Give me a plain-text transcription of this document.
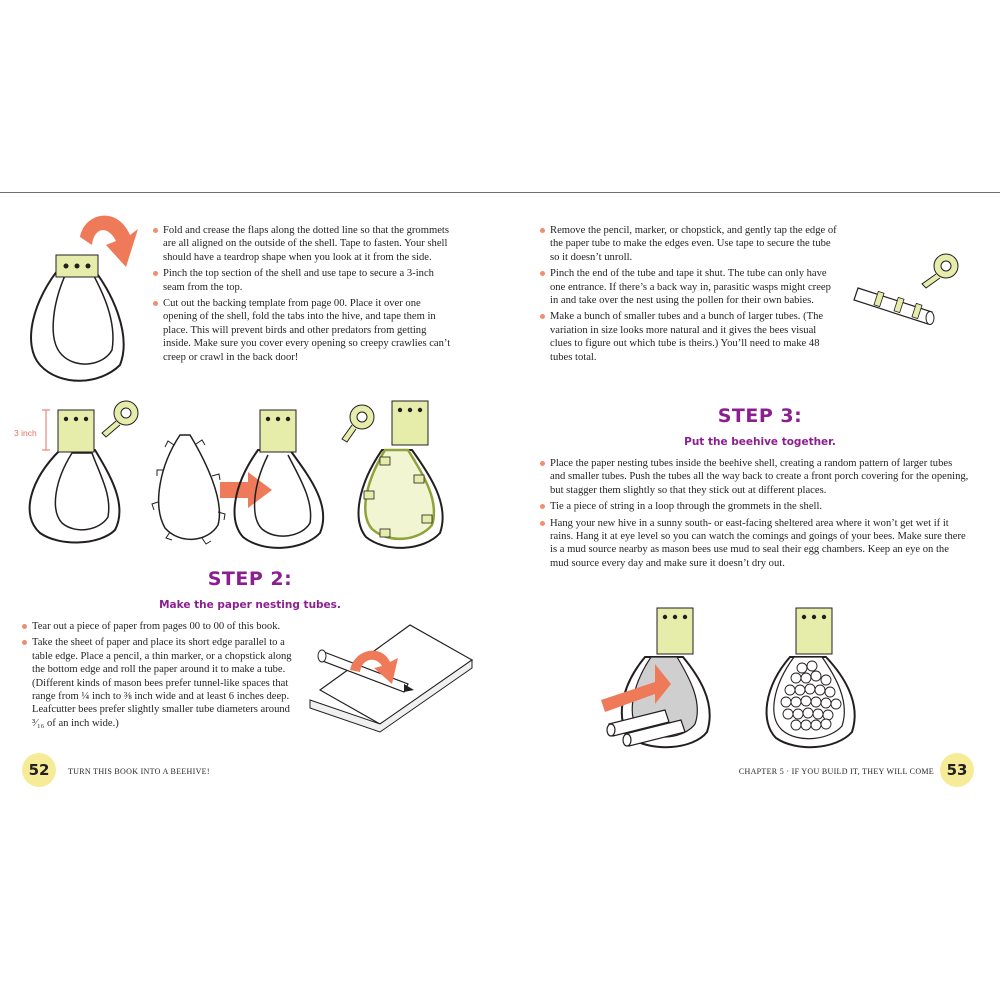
Fold and crease the flaps along the dotted line so that the grommets are all aligned on the outside of the shell. Tape to fasten. Your shell should have a teardrop shape when you look at it from the side.

Pinch the top section of the shell and use tape to secure a 3-inch seam from the top.

Cut out the backing template from page 00. Place it over one opening of the shell, fold the tabs into the hive, and tape them in place. This will prevent birds and other predators from getting inside. Make sure you cover every opening so creepy crawlies can’t creep or crawl in the back door!

3 inch
STEP 2:
Make the paper nesting tubes.

Tear out a piece of paper from pages 00 to 00 of this book.

Take the sheet of paper and place its short edge parallel to a table edge. Place a pencil, a thin marker, or a chopstick along the bottom edge and roll the paper around it to make a tube. (Different kinds of mason bees prefer tunnel-like spaces that range from ¼ inch to ⅜ inch wide and at least 6 inches deep. Leafcutter bees prefer slightly smaller tube diameters around ³⁄₁₆ of an inch wide.)

52	TURN THIS BOOK INTO A BEEHIVE!

Remove the pencil, marker, or chopstick, and gently tap the edge of the paper tube to make the edges even. Use tape to secure the tube so it doesn’t unroll.

Pinch the end of the tube and tape it shut. The tube can only have one entrance. If there’s a back way in, parasitic wasps might creep in and take over the nest using the pollen for their own babies.

Make a bunch of smaller tubes and a bunch of larger tubes. (The variation in size looks more natural and it gives the bees visual clues to figure out which tube is theirs.) You’ll need to make 48 tubes total.

STEP 3:
Put the beehive together.

Place the paper nesting tubes inside the beehive shell, creating a random pattern of larger tubes and smaller tubes. Push the tubes all the way back to create a front porch covering for the opening, but stagger them slightly so that they stick out at different places.

Tie a piece of string in a loop through the grommets in the shell.

Hang your new hive in a sunny south- or east-facing sheltered area where it won’t get wet if it rains. Hang it at eye level so you can watch the comings and goings of your bees. Make sure there is a mud source nearby as mason bees use mud to seal their egg chambers. Keep an eye on the mud source every day and make sure it doesn’t dry out.

CHAPTER 5 · IF YOU BUILD IT, THEY WILL COME 53
